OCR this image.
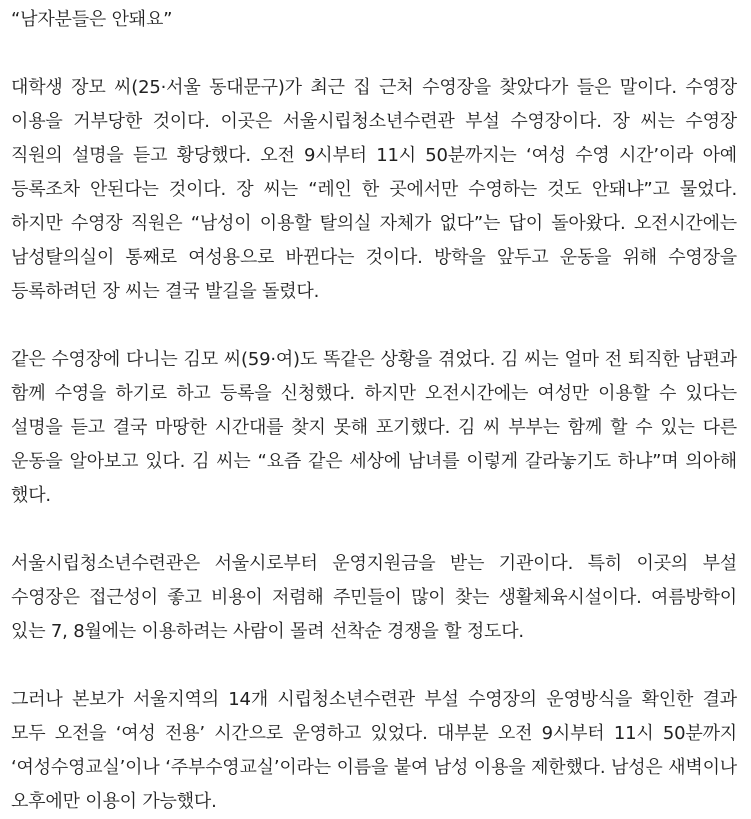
“남자분들은 안돼요”

대학생 장모 씨(25·서울 동대문구)가 최근 집 근처 수영장을 찾았다가 들은 말이다. 수영장 이용을 거부당한 것이다. 이곳은 서울시립청소년수련관 부설 수영장이다. 장 씨는 수영장 직원의 설명을 듣고 황당했다. 오전 9시부터 11시 50분까지는 ‘여성 수영 시간’이라 아예 등록조차 안된다는 것이다. 장 씨는 “레인 한 곳에서만 수영하는 것도 안돼냐”고 물었다. 하지만 수영장 직원은 “남성이 이용할 탈의실 자체가 없다”는 답이 돌아왔다. 오전시간에는 남성탈의실이 통째로 여성용으로 바뀐다는 것이다. 방학을 앞두고 운동을 위해 수영장을 등록하려던 장 씨는 결국 발길을 돌렸다.

같은 수영장에 다니는 김모 씨(59·여)도 똑같은 상황을 겪었다. 김 씨는 얼마 전 퇴직한 남편과 함께 수영을 하기로 하고 등록을 신청했다. 하지만 오전시간에는 여성만 이용할 수 있다는 설명을 듣고 결국 마땅한 시간대를 찾지 못해 포기했다. 김 씨 부부는 함께 할 수 있는 다른 운동을 알아보고 있다. 김 씨는 “요즘 같은 세상에 남녀를 이렇게 갈라놓기도 하냐”며 의아해 했다.

서울시립청소년수련관은 서울시로부터 운영지원금을 받는 기관이다. 특히 이곳의 부설 수영장은 접근성이 좋고 비용이 저렴해 주민들이 많이 찾는 생활체육시설이다. 여름방학이 있는 7, 8월에는 이용하려는 사람이 몰려 선착순 경쟁을 할 정도다.

그러나 본보가 서울지역의 14개 시립청소년수련관 부설 수영장의 운영방식을 확인한 결과 모두 오전을 ‘여성 전용’ 시간으로 운영하고 있었다. 대부분 오전 9시부터 11시 50분까지 ‘여성수영교실’이나 ‘주부수영교실’이라는 이름을 붙여 남성 이용을 제한했다. 남성은 새벽이나 오후에만 이용이 가능했다.
